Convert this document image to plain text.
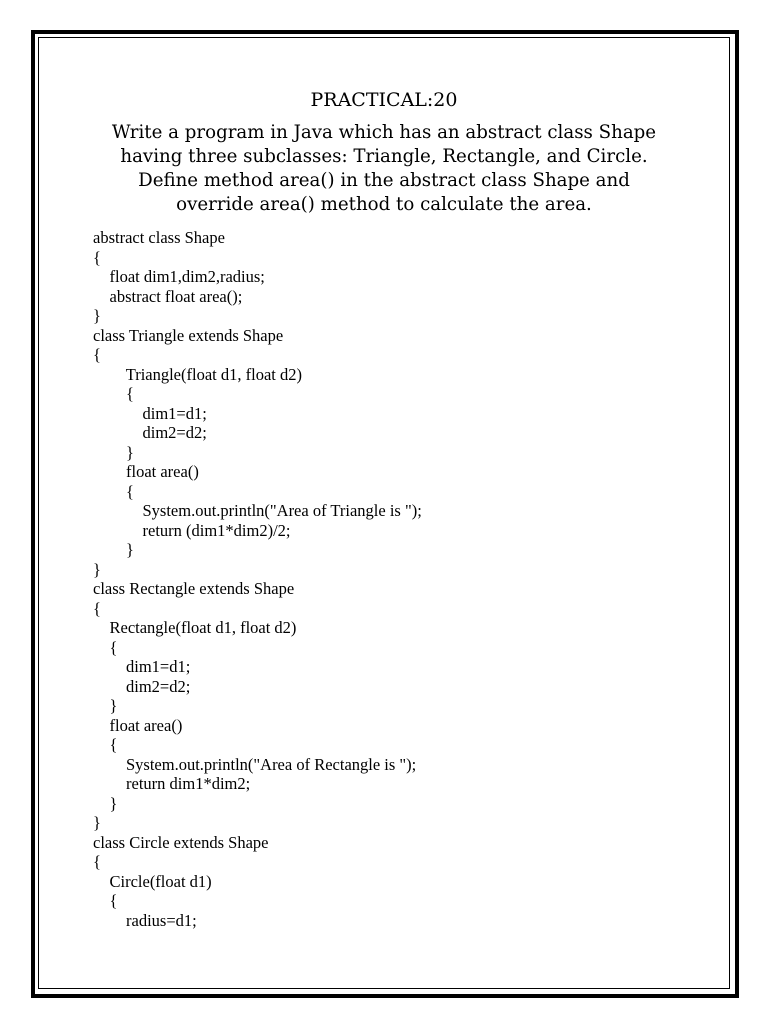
PRACTICAL:20
Write a program in Java which has an abstract class Shape having three subclasses: Triangle, Rectangle, and Circle. Define method area() in the abstract class Shape and override area() method to calculate the area.
abstract class Shape
{
float dim1,dim2,radius;
abstract float area();
}
class Triangle extends Shape
{
Triangle(float d1, float d2)
{
dim1=d1;
dim2=d2;
}
float area()
{
System.out.println("Area of Triangle is ");
return (dim1*dim2)/2;
}
}
class Rectangle extends Shape
{
Rectangle(float d1, float d2)
{
dim1=d1;
dim2=d2;
}
float area()
{
System.out.println("Area of Rectangle is ");
return dim1*dim2;
}
}
class Circle extends Shape
{
Circle(float d1)
{
radius=d1;
